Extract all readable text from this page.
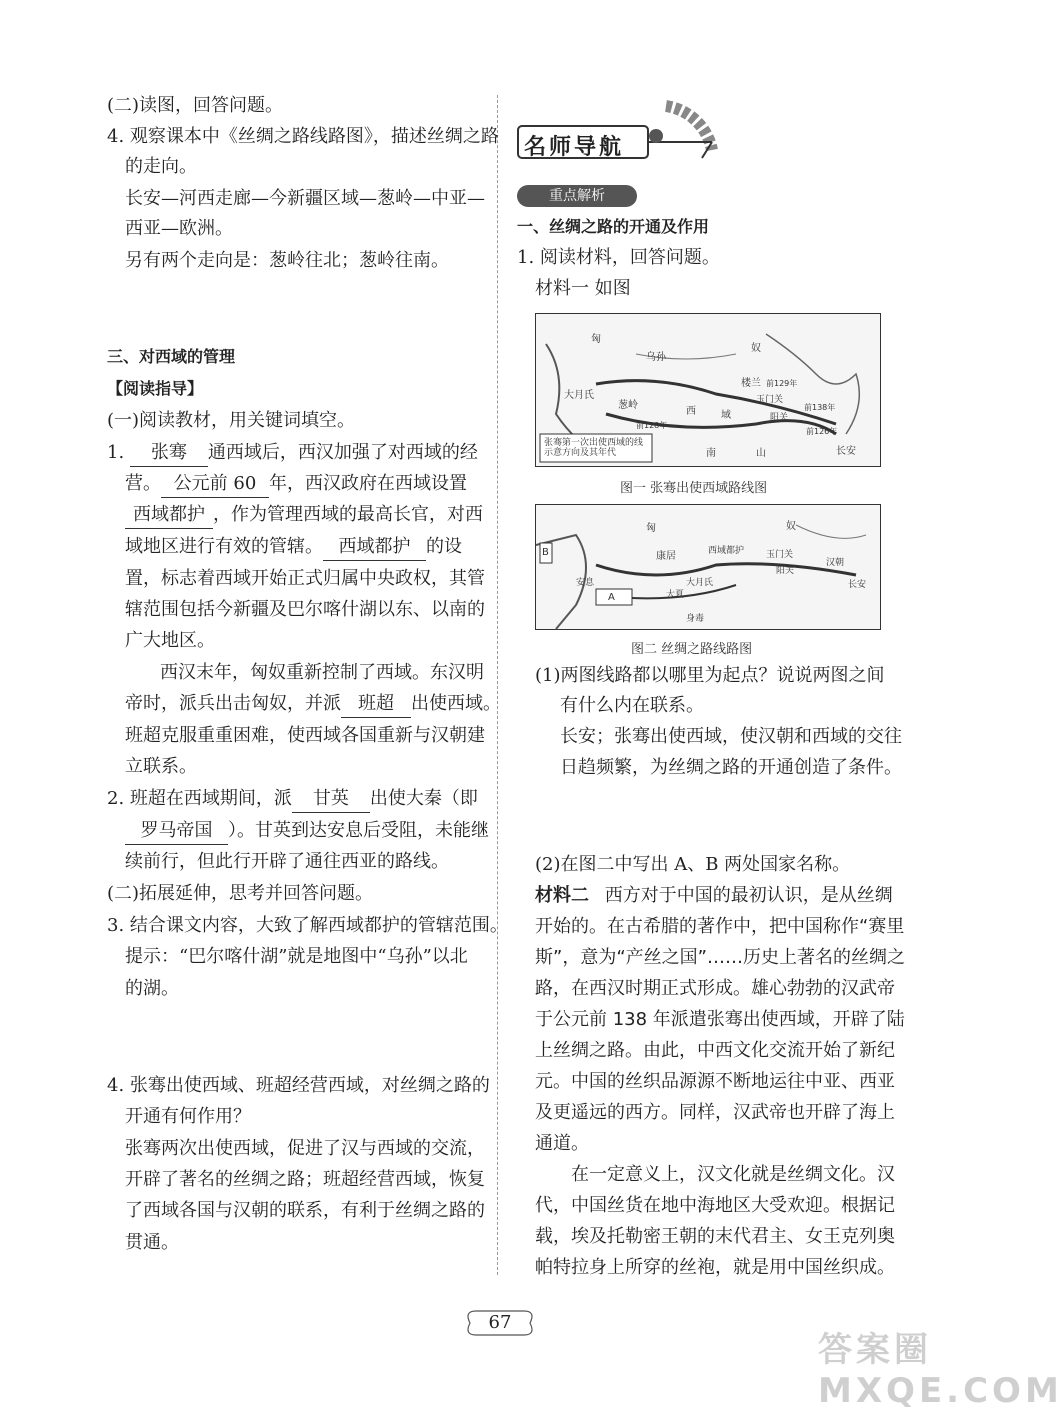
(二)读图，回答问题。
4. 观察课本中《丝绸之路线路图》，描述丝绸之路
的走向。
长安—河西走廊—今新疆区域—葱岭—中亚—
西亚—欧洲。
另有两个走向是：葱岭往北；葱岭往南。
三、对西域的管理
【阅读指导】
(一)阅读教材，用关键词填空。
1. 张骞 通西域后，西汉加强了对西域的经
营。 公元前 60 年，西汉政府在西域设置
西域都护 ，作为管理西域的最高长官，对西
域地区进行有效的管辖。 西域都护 的设
置，标志着西域开始正式归属中央政权，其管
辖范围包括今新疆及巴尔喀什湖以东、以南的
广大地区。
西汉末年，匈奴重新控制了西域。东汉明
帝时，派兵出击匈奴，并派 班超 出使西域。
班超克服重重困难，使西域各国重新与汉朝建
立联系。
2. 班超在西域期间，派 甘英 出使大秦（即
罗马帝国 ）。甘英到达安息后受阻，未能继
续前行，但此行开辟了通往西亚的路线。
(二)拓展延伸，思考并回答问题。
3. 结合课文内容，大致了解西域都护的管辖范围。
提示：“巴尔喀什湖”就是地图中“乌孙”以北
的湖。
4. 张骞出使西域、班超经营西域，对丝绸之路的
开通有何作用？
张骞两次出使西域，促进了汉与西域的交流，
开辟了著名的丝绸之路；班超经营西域，恢复
了西域各国与汉朝的联系，有利于丝绸之路的
贯通。
名师导航
重点解析
一、丝绸之路的开通及作用
1. 阅读材料，回答问题。
材料一 如图
张骞第一次出使西域的线示意方向及其年代
匈
奴
乌孙
大月氏
葱岭
西	域
楼兰
玉门关
阳关
长安
南	山
前129年
前128年
前138年
前126年
图一 张骞出使西域路线图
B
A
匈	奴
康居	西域都护 玉门关
阳关
长安
大月氏
大夏
安息
身毒
汉朝
图二 丝绸之路线路图
(1)两图线路都以哪里为起点？说说两图之间
有什么内在联系。
长安；张骞出使西域，使汉朝和西域的交往
日趋频繁，为丝绸之路的开通创造了条件。
(2)在图二中写出 A、B 两处国家名称。
材料二 西方对于中国的最初认识，是从丝绸
开始的。在古希腊的著作中，把中国称作“赛里
斯”，意为“产丝之国”……历史上著名的丝绸之
路，在西汉时期正式形成。雄心勃勃的汉武帝
于公元前 138 年派遣张骞出使西域，开辟了陆
上丝绸之路。由此，中西文化交流开始了新纪
元。中国的丝织品源源不断地运往中亚、西亚
及更遥远的西方。同样，汉武帝也开辟了海上
通道。
在一定意义上，汉文化就是丝绸文化。汉
代，中国丝货在地中海地区大受欢迎。根据记
载，埃及托勒密王朝的末代君主、女王克列奥
帕特拉身上所穿的丝袍，就是用中国丝织成。
67
答案圈 MXQE.COM
